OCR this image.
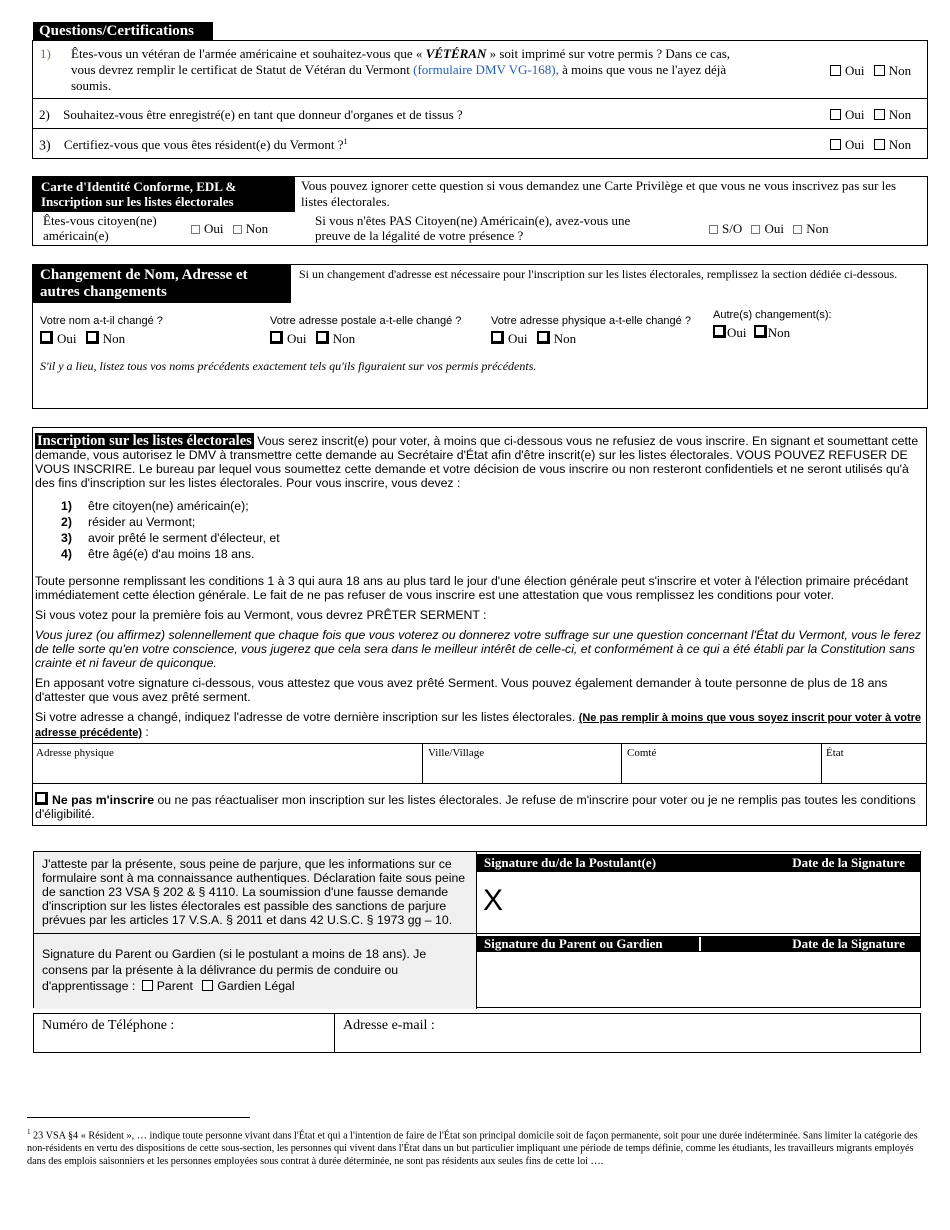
Questions/Certifications
1) Êtes-vous un vétéran de l'armée américaine et souhaitez-vous que « VÉTÉRAN » soit imprimé sur votre permis ? Dans ce cas,
vous devrez remplir le certificat de Statut de Vétéran du Vermont (formulaire DMV VG-168), à moins que vous ne l'ayez déjà
soumis.
Oui Non
2) Souhaitez-vous être enregistré(e) en tant que donneur d'organes et de tissus ?	Oui Non
3) Certifiez-vous que vous êtes résident(e) du Vermont ?$^1$	Oui Non
Carte d'Identité Conforme, EDL &
Inscription sur les listes électorales
Vous pouvez ignorer cette question si vous demandez une Carte Privilège et que vous ne vous inscrivez pas sur les listes électorales.
Êtes-vous citoyen(ne)
américain(e)	Oui Non
Si vous n'êtes PAS Citoyen(ne) Américain(e), avez-vous une
preuve de la légalité de votre présence ?	S/O Oui Non
Changement de Nom, Adresse et
autres changements
Si un changement d'adresse est nécessaire pour l'inscription sur les listes électorales, remplissez la section dédiée ci-dessous.
Votre nom a-t-il changé ?
Oui Non
Votre adresse postale a-t-elle changé ?
Oui Non
Votre adresse physique a-t-elle changé ?
Oui Non
Autre(s) changement(s):
Oui Non
S'il y a lieu, listez tous vos noms précédents exactement tels qu'ils figuraient sur vos permis précédents.
Inscription sur les listes électorales Vous serez inscrit(e) pour voter, à moins que ci-dessous vous ne refusiez de vous inscrire. En signant et soumettant cette demande, vous autorisez le DMV à transmettre cette demande au Secrétaire d'État afin d'être inscrit(e) sur les listes électorales. VOUS POUVEZ REFUSER DE VOUS INSCRIRE. Le bureau par lequel vous soumettez cette demande et votre décision de vous inscrire ou non resteront confidentiels et ne seront utilisés qu'à des fins d'inscription sur les listes électorales. Pour vous inscrire, vous devez :
1) être citoyen(ne) américain(e);
2) résider au Vermont;
3) avoir prêté le serment d'électeur, et
4) être âgé(e) d'au moins 18 ans.

Toute personne remplissant les conditions 1 à 3 qui aura 18 ans au plus tard le jour d'une élection générale peut s'inscrire et voter à l'élection primaire précédant immédiatement cette élection générale. Le fait de ne pas refuser de vous inscrire est une attestation que vous remplissez les conditions pour voter.

Si vous votez pour la première fois au Vermont, vous devrez PRÊTER SERMENT :

Vous jurez (ou affirmez) solennellement que chaque fois que vous voterez ou donnerez votre suffrage sur une question concernant l'État du Vermont, vous le ferez de telle sorte qu'en votre conscience, vous jugerez que cela sera dans le meilleur intérêt de celle-ci, et conformément à ce qui a été établi par la Constitution sans crainte et ni faveur de quiconque.

En apposant votre signature ci-dessous, vous attestez que vous avez prêté Serment. Vous pouvez également demander à toute personne de plus de 18 ans d'attester que vous avez prêté serment.

Si votre adresse a changé, indiquez l'adresse de votre dernière inscription sur les listes électorales. (Ne pas remplir à moins que vous soyez inscrit pour voter à votre adresse précédente) :
Adresse physique	Ville/Village	Comté	État
Ne pas m'inscrire ou ne pas réactualiser mon inscription sur les listes électorales. Je refuse de m'inscrire pour voter ou je ne remplis pas toutes les conditions d'éligibilité.
J'atteste par la présente, sous peine de parjure, que les informations sur ce formulaire sont à ma connaissance authentiques. Déclaration faite sous peine de sanction 23 VSA § 202 & § 4110. La soumission d'une fausse demande d'inscription sur les listes électorales est passible des sanctions de parjure prévues par les articles 17 V.S.A. § 2011 et dans 42 U.S.C. § 1973 gg – 10.
Signature du Parent ou Gardien (si le postulant a moins de 18 ans). Je consens par la présente à la délivrance du permis de conduire ou d'apprentissage : Parent Gardien Légal
Signature du/de la Postulant(e)	Date de la Signature
X
Signature du Parent ou Gardien	Date de la Signature
Numéro de Téléphone :	Adresse e-mail :
$^1$ 23 VSA §4 « Résident », … indique toute personne vivant dans l'État et qui a l'intention de faire de l'État son principal domicile soit de façon permanente, soit pour une durée indéterminée. Sans limiter la catégorie des non-résidents en vertu des dispositions de cette sous-section, les personnes qui vivent dans l'État dans un but particulier impliquant une période de temps définie, comme les étudiants, les travailleurs migrants employés dans des emplois saisonniers et les personnes employées sous contrat à durée déterminée, ne sont pas résidents aux seules fins de cette loi ….
